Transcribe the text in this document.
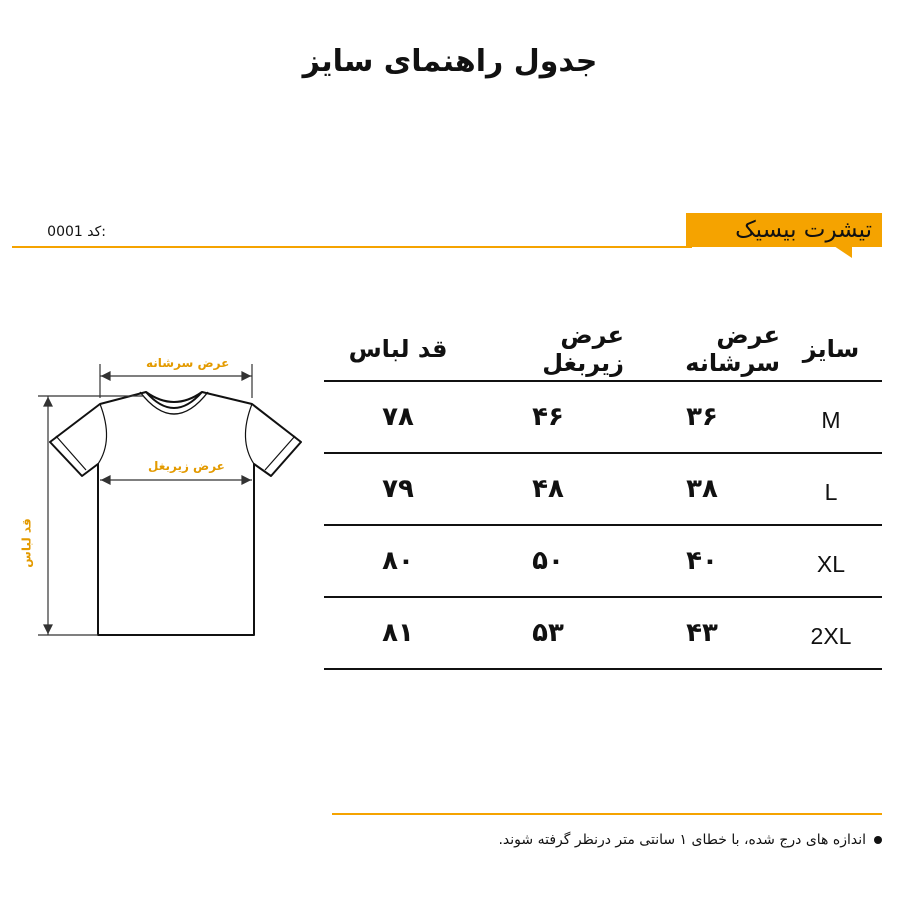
جدول راهنمای سایز
تیشرت بیسیک
کد: 0001
عرض سرشانه
عرض زیربغل
قد لباس
سایز
عرض سرشانه
عرض زیربغل
قد لباس
M
۳۶
۴۶
۷۸
L
۳۸
۴۸
۷۹
XL
۴۰
۵۰
۸۰
2XL
۴۳
۵۳
۸۱
اندازه های درج شده، با خطای ۱ سانتی متر درنظر گرفته شوند.
